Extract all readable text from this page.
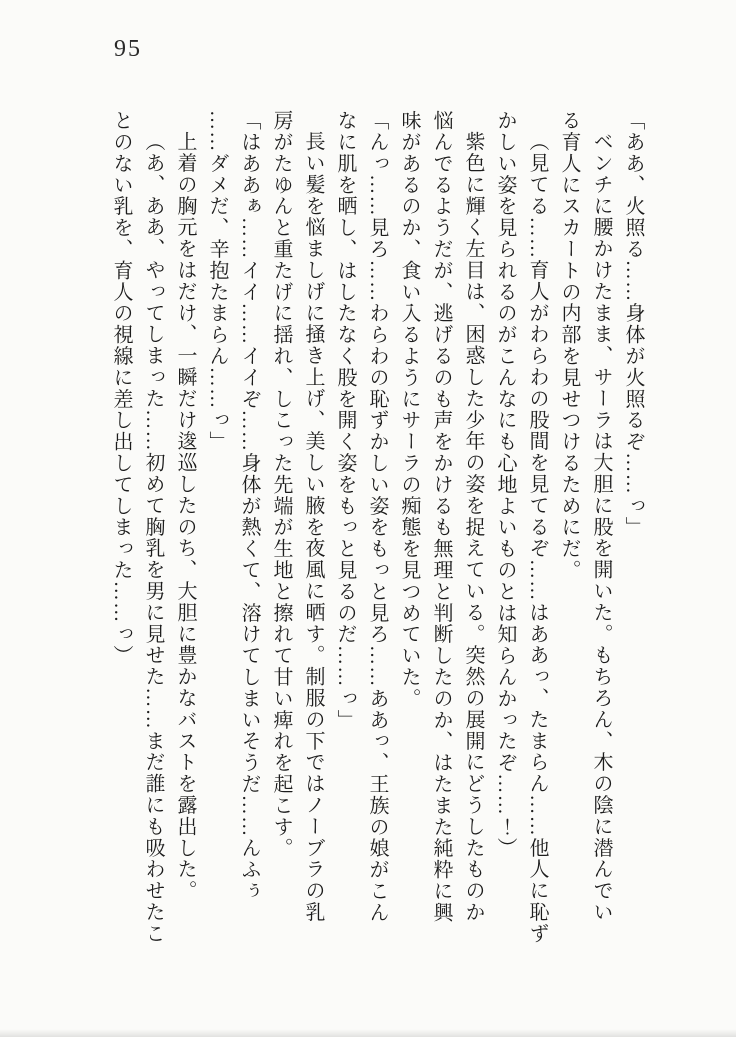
95
「ああ、火照る……身体が火照るぞ……っ」
ベンチに腰かけたまま、サーラは大胆に股を開いた。もちろん、木の陰に潜んでい
る育人にスカートの内部を見せつけるためにだ。
（見てる……育人がわらわの股間を見てるぞ……はああっ、たまらん……他人に恥ず
かしい姿を見られるのがこんなにも心地よいものとは知らんかったぞ……！）
紫色に輝く左目は、困惑した少年の姿を捉えている。突然の展開にどうしたものか
悩んでるようだが、逃げるのも声をかけるも無理と判断したのか、はたまた純粋に興
味があるのか、食い入るようにサーラの痴態を見つめていた。
「んっ……見ろ……わらわの恥ずかしい姿をもっと見ろ……ああっ、王族の娘がこん
なに肌を晒し、はしたなく股を開く姿をもっと見るのだ……っ」
長い髪を悩ましげに掻き上げ、美しい腋を夜風に晒す。制服の下ではノーブラの乳
房がたゆんと重たげに揺れ、しこった先端が生地と擦れて甘い痺れを起こす。
「はああぁ……イイ……イイぞ……身体が熱くて、溶けてしまいそうだ……んふぅ
……ダメだ、辛抱たまらん……っ」
上着の胸元をはだけ、一瞬だけ逡巡したのち、大胆に豊かなバストを露出した。
（あ、ああ、やってしまった……初めて胸乳を男に見せた……まだ誰にも吸わせたこ
とのない乳を、育人の視線に差し出してしまった……っ）
